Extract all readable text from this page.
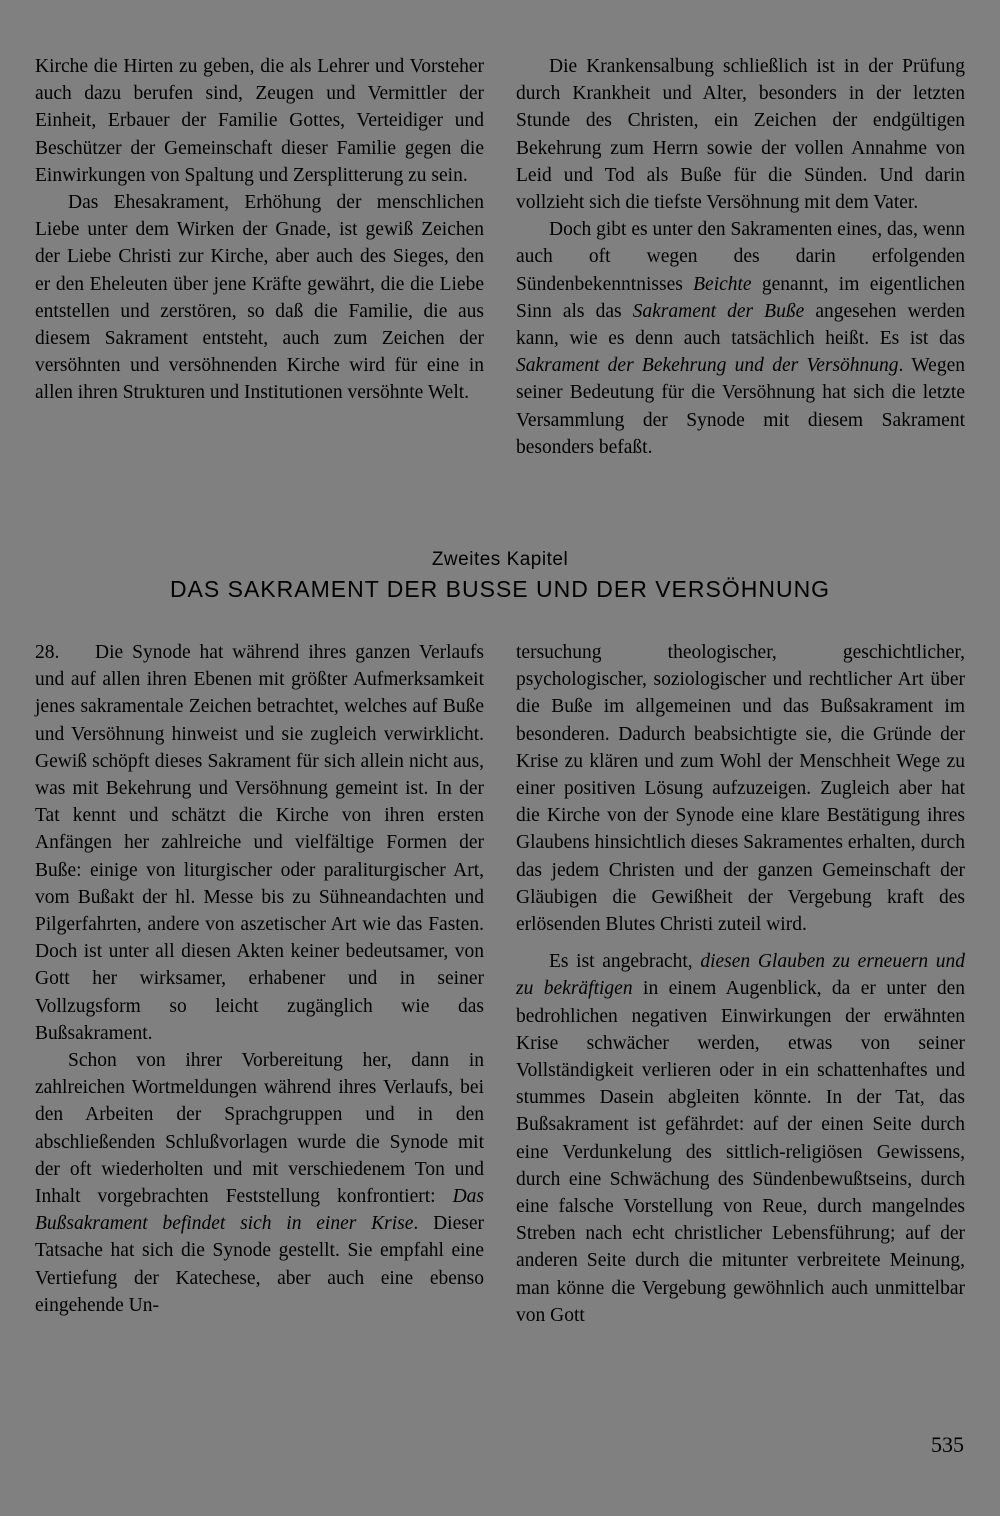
Kirche die Hirten zu geben, die als Lehrer und Vorsteher auch dazu berufen sind, Zeugen und Vermittler der Einheit, Erbauer der Familie Gottes, Verteidiger und Beschützer der Gemeinschaft dieser Familie gegen die Einwirkungen von Spaltung und Zersplitterung zu sein.

Das Ehesakrament, Erhöhung der menschlichen Liebe unter dem Wirken der Gnade, ist gewiß Zeichen der Liebe Christi zur Kirche, aber auch des Sieges, den er den Eheleuten über jene Kräfte gewährt, die die Liebe entstellen und zerstören, so daß die Familie, die aus diesem Sakrament entsteht, auch zum Zeichen der versöhnten und versöhnenden Kirche wird für eine in allen ihren Strukturen und Institutionen versöhnte Welt.

Die Krankensalbung schließlich ist in der Prüfung durch Krankheit und Alter, besonders in der letzten Stunde des Christen, ein Zeichen der endgültigen Bekehrung zum Herrn sowie der vollen Annahme von Leid und Tod als Buße für die Sünden. Und darin vollzieht sich die tiefste Versöhnung mit dem Vater.

Doch gibt es unter den Sakramenten eines, das, wenn auch oft wegen des darin erfolgenden Sündenbekenntnisses Beichte genannt, im eigentlichen Sinn als das Sakrament der Buße angesehen werden kann, wie es denn auch tatsächlich heißt. Es ist das Sakrament der Bekehrung und der Versöhnung. Wegen seiner Bedeutung für die Versöhnung hat sich die letzte Versammlung der Synode mit diesem Sakrament besonders befaßt.

Zweites Kapitel
DAS SAKRAMENT DER BUSSE UND DER VERSÖHNUNG

28. Die Synode hat während ihres ganzen Verlaufs und auf allen ihren Ebenen mit größter Aufmerksamkeit jenes sakramentale Zeichen betrachtet, welches auf Buße und Versöhnung hinweist und sie zugleich verwirklicht. Gewiß schöpft dieses Sakrament für sich allein nicht aus, was mit Bekehrung und Versöhnung gemeint ist. In der Tat kennt und schätzt die Kirche von ihren ersten Anfängen her zahlreiche und vielfältige Formen der Buße: einige von liturgischer oder paraliturgischer Art, vom Bußakt der hl. Messe bis zu Sühneandachten und Pilgerfahrten, andere von aszetischer Art wie das Fasten. Doch ist unter all diesen Akten keiner bedeutsamer, von Gott her wirksamer, erhabener und in seiner Vollzugsform so leicht zugänglich wie das Bußsakrament.

Schon von ihrer Vorbereitung her, dann in zahlreichen Wortmeldungen während ihres Verlaufs, bei den Arbeiten der Sprachgruppen und in den abschließenden Schlußvorlagen wurde die Synode mit der oft wiederholten und mit verschiedenem Ton und Inhalt vorgebrachten Feststellung konfrontiert: Das Bußsakrament befindet sich in einer Krise. Dieser Tatsache hat sich die Synode gestellt. Sie empfahl eine Vertiefung der Katechese, aber auch eine ebenso eingehende Un-

tersuchung theologischer, geschichtlicher, psychologischer, soziologischer und rechtlicher Art über die Buße im allgemeinen und das Bußsakrament im besonderen. Dadurch beabsichtigte sie, die Gründe der Krise zu klären und zum Wohl der Menschheit Wege zu einer positiven Lösung aufzuzeigen. Zugleich aber hat die Kirche von der Synode eine klare Bestätigung ihres Glaubens hinsichtlich dieses Sakramentes erhalten, durch das jedem Christen und der ganzen Gemeinschaft der Gläubigen die Gewißheit der Vergebung kraft des erlösenden Blutes Christi zuteil wird.

Es ist angebracht, diesen Glauben zu erneuern und zu bekräftigen in einem Augenblick, da er unter den bedrohlichen negativen Einwirkungen der erwähnten Krise schwächer werden, etwas von seiner Vollständigkeit verlieren oder in ein schattenhaftes und stummes Dasein abgleiten könnte. In der Tat, das Bußsakrament ist gefährdet: auf der einen Seite durch eine Verdunkelung des sittlich-religiösen Gewissens, durch eine Schwächung des Sündenbewußtseins, durch eine falsche Vorstellung von Reue, durch mangelndes Streben nach echt christlicher Lebensführung; auf der anderen Seite durch die mitunter verbreitete Meinung, man könne die Vergebung gewöhnlich auch unmittelbar von Gott

535
